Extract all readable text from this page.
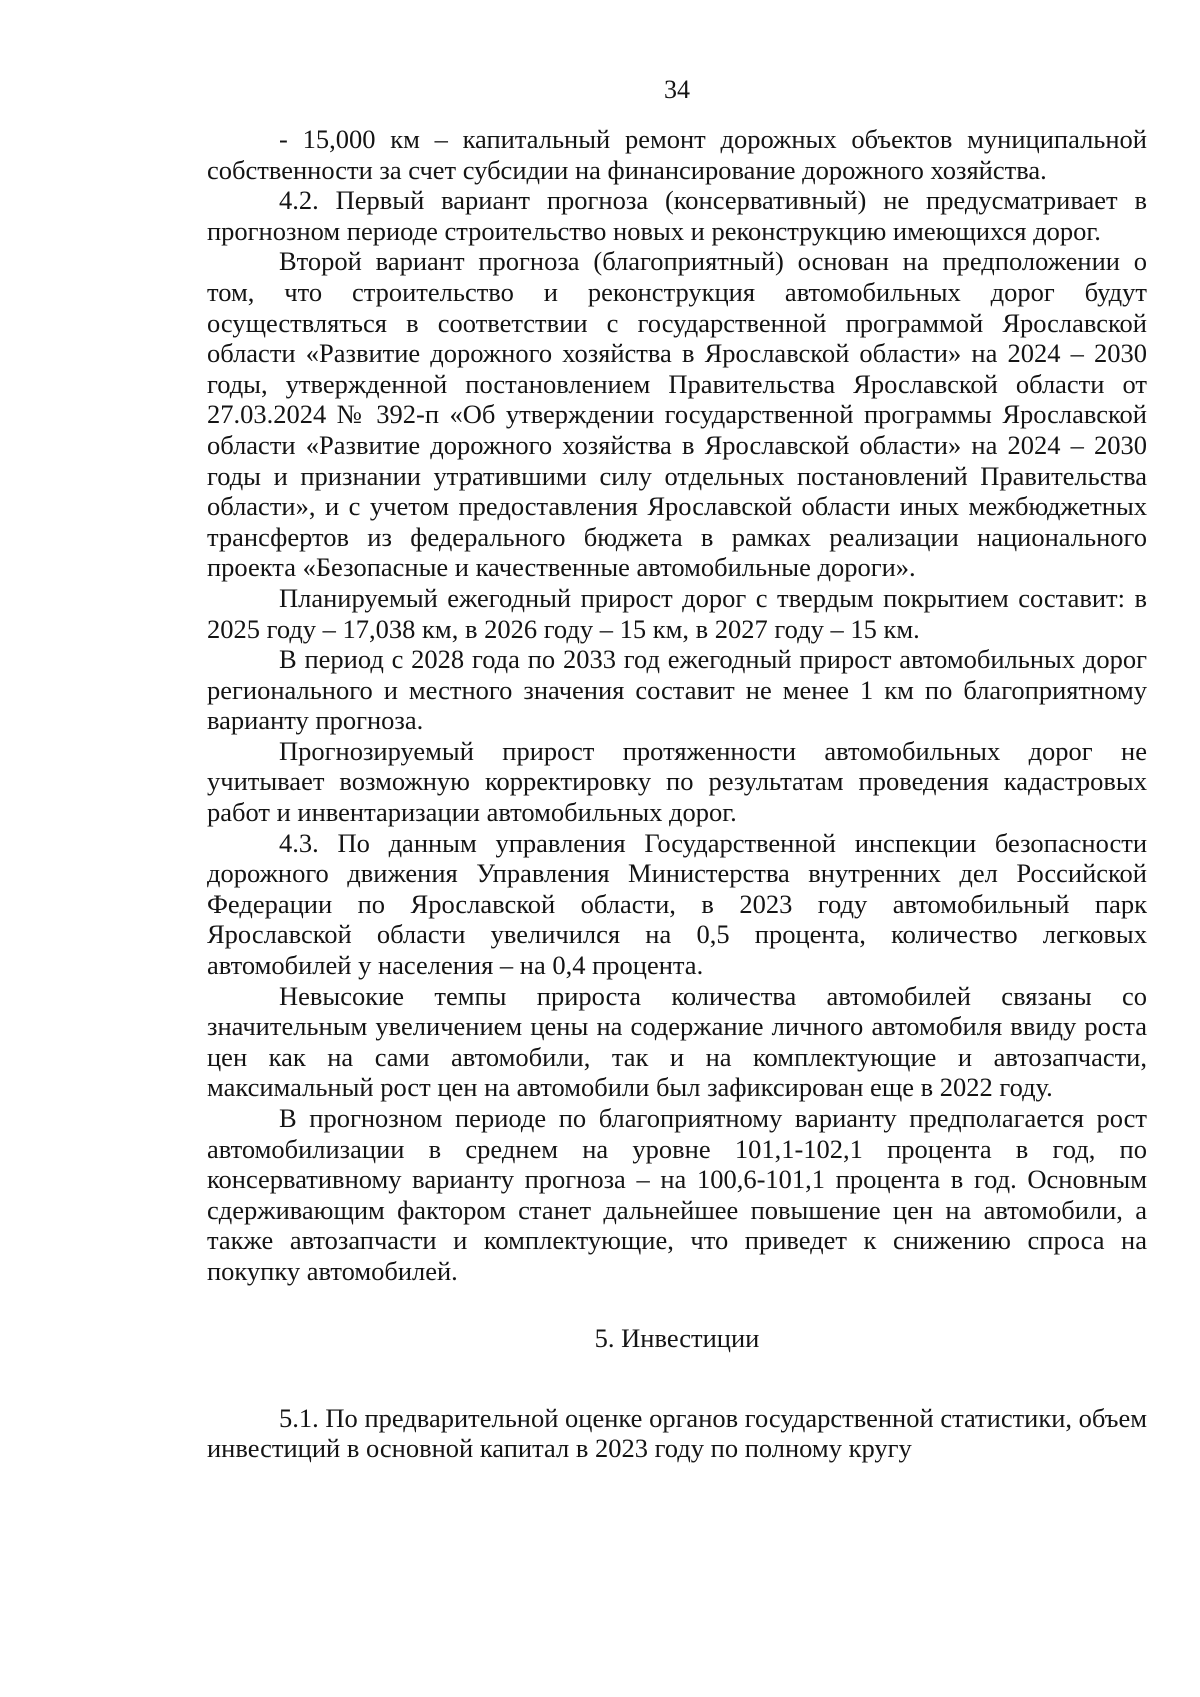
34

- 15,000 км – капитальный ремонт дорожных объектов муниципальной собственности за счет субсидии на финансирование дорожного хозяйства.

4.2. Первый вариант прогноза (консервативный) не предусматривает в прогнозном периоде строительство новых и реконструкцию имеющихся дорог.

Второй вариант прогноза (благоприятный) основан на предположении о том, что строительство и реконструкция автомобильных дорог будут осуществляться в соответствии с государственной программой Ярославской области «Развитие дорожного хозяйства в Ярославской области» на 2024 – 2030 годы, утвержденной постановлением Правительства Ярославской области от 27.03.2024 № 392-п «Об утверждении государственной программы Ярославской области «Развитие дорожного хозяйства в Ярославской области» на 2024 – 2030 годы и признании утратившими силу отдельных постановлений Правительства области», и с учетом предоставления Ярославской области иных межбюджетных трансфертов из федерального бюджета в рамках реализации национального проекта «Безопасные и качественные автомобильные дороги».

Планируемый ежегодный прирост дорог с твердым покрытием составит: в 2025 году – 17,038 км, в 2026 году – 15 км, в 2027 году – 15 км.

В период с 2028 года по 2033 год ежегодный прирост автомобильных дорог регионального и местного значения составит не менее 1 км по благоприятному варианту прогноза.

Прогнозируемый прирост протяженности автомобильных дорог не учитывает возможную корректировку по результатам проведения кадастровых работ и инвентаризации автомобильных дорог.

4.3. По данным управления Государственной инспекции безопасности дорожного движения Управления Министерства внутренних дел Российской Федерации по Ярославской области, в 2023 году автомобильный парк Ярославской области увеличился на 0,5 процента, количество легковых автомобилей у населения – на 0,4 процента.

Невысокие темпы прироста количества автомобилей связаны со значительным увеличением цены на содержание личного автомобиля ввиду роста цен как на сами автомобили, так и на комплектующие и автозапчасти, максимальный рост цен на автомобили был зафиксирован еще в 2022 году.

В прогнозном периоде по благоприятному варианту предполагается рост автомобилизации в среднем на уровне 101,1-102,1 процента в год, по консервативному варианту прогноза – на 100,6-101,1 процента в год. Основным сдерживающим фактором станет дальнейшее повышение цен на автомобили, а также автозапчасти и комплектующие, что приведет к снижению спроса на покупку автомобилей.

5. Инвестиции

5.1. По предварительной оценке органов государственной статистики, объем инвестиций в основной капитал в 2023 году по полному кругу
